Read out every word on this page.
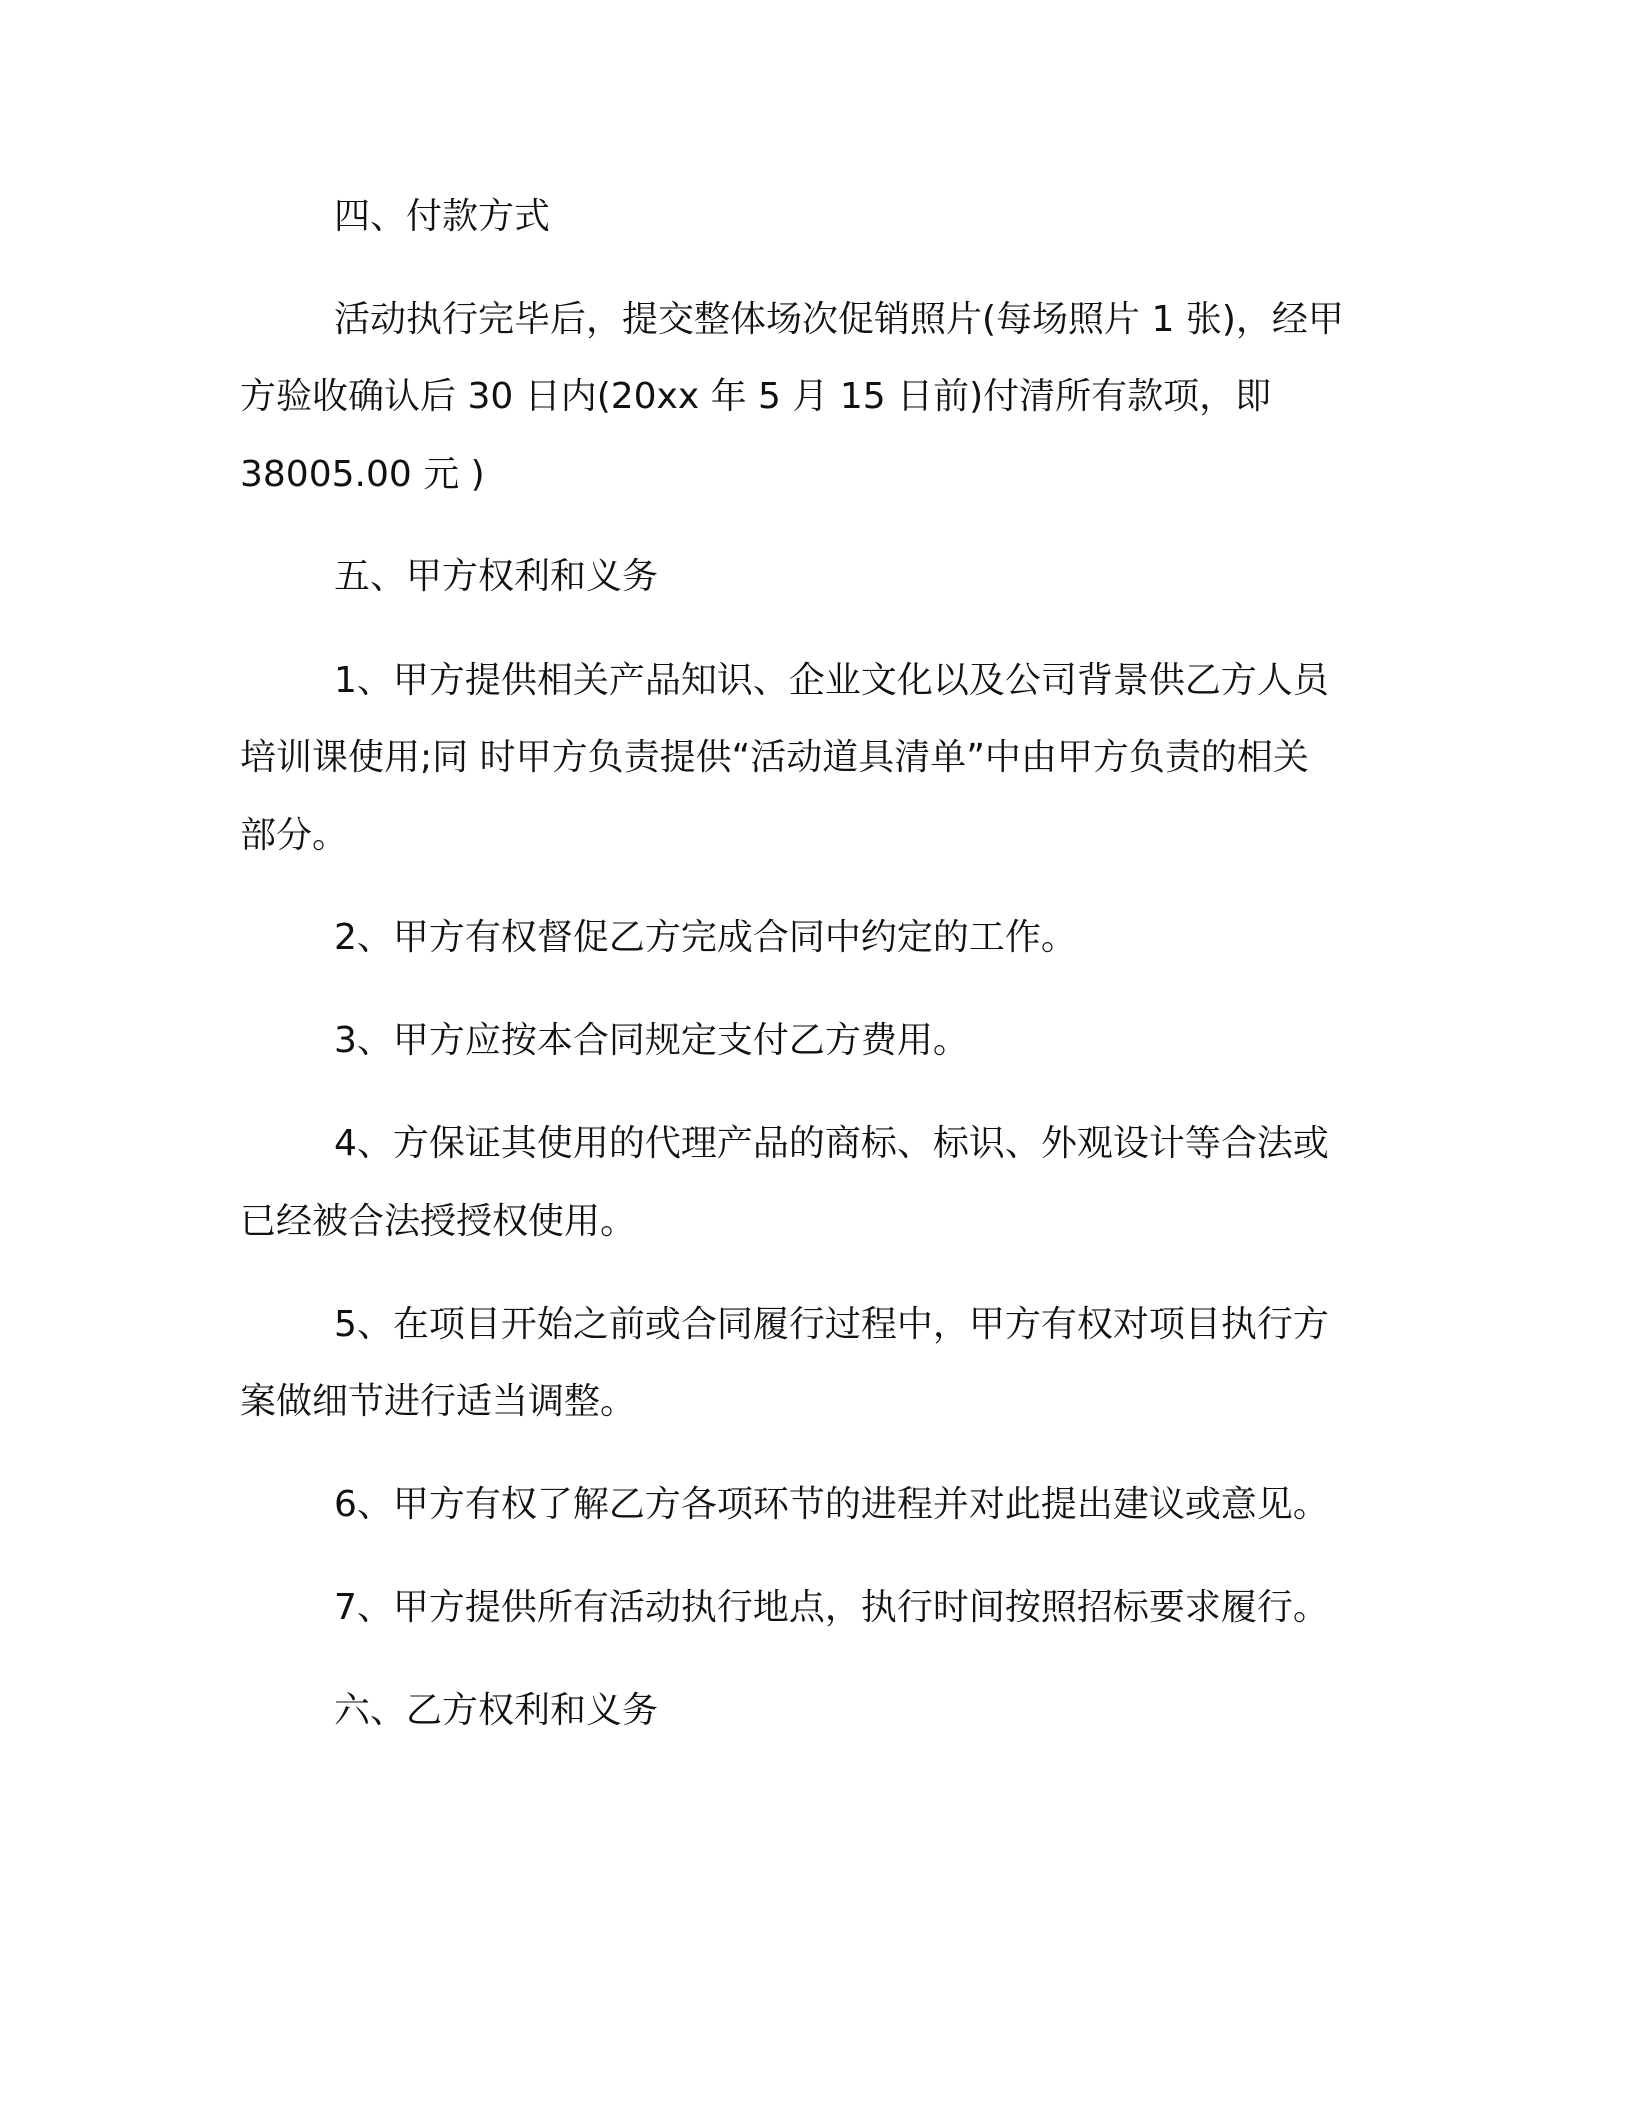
四、付款方式
活动执行完毕后，提交整体场次促销照片(每场照片 1 张)，经甲
方验收确认后 30 日内(20xx 年 5 月 15 日前)付清所有款项，即
38005.00 元 )
五、甲方权利和义务
1、甲方提供相关产品知识、企业文化以及公司背景供乙方人员
培训课使用;同 时甲方负责提供“活动道具清单”中由甲方负责的相关
部分。
2、甲方有权督促乙方完成合同中约定的工作。
3、甲方应按本合同规定支付乙方费用。
4、方保证其使用的代理产品的商标、标识、外观设计等合法或
已经被合法授授权使用。
5、在项目开始之前或合同履行过程中，甲方有权对项目执行方
案做细节进行适当调整。
6、甲方有权了解乙方各项环节的进程并对此提出建议或意见。
7、甲方提供所有活动执行地点，执行时间按照招标要求履行。
六、乙方权利和义务
